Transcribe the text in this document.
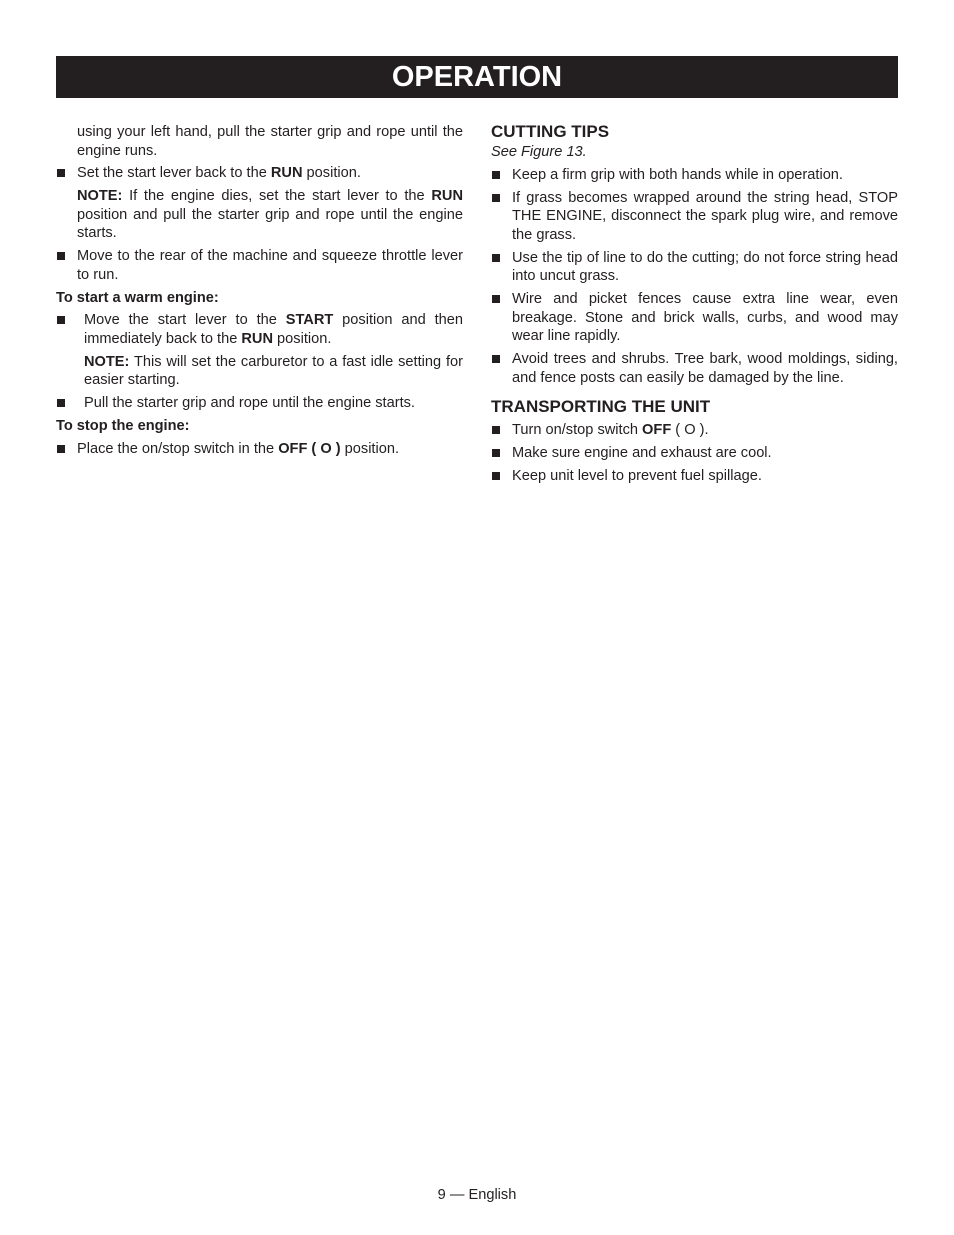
OPERATION

using your left hand, pull the starter grip and rope until the engine runs.

Set the start lever back to the RUN position.

NOTE: If the engine dies, set the start lever to the RUN position and pull the starter grip and rope until the engine starts.

Move to the rear of the machine and squeeze throttle lever to run.

To start a warm engine:

Move the start lever to the START position and then immediately back to the RUN position.

NOTE: This will set the carburetor to a fast idle setting for easier starting.

Pull the starter grip and rope until the engine starts.

To stop the engine:

Place the on/stop switch in the OFF ( O ) position.

CUTTING TIPS

See Figure 13.

Keep a firm grip with both hands while in operation.
If grass becomes wrapped around the string head, STOP THE ENGINE, disconnect the spark plug wire, and remove the grass.
Use the tip of line to do the cutting; do not force string head into uncut grass.
Wire and picket fences cause extra line wear, even breakage. Stone and brick walls, curbs, and wood may wear line rapidly.
Avoid trees and shrubs. Tree bark, wood moldings, siding, and fence posts can easily be damaged by the line.

TRANSPORTING THE UNIT

Turn on/stop switch OFF ( O ).
Make sure engine and exhaust are cool.
Keep unit level to prevent fuel spillage.
9 — English
